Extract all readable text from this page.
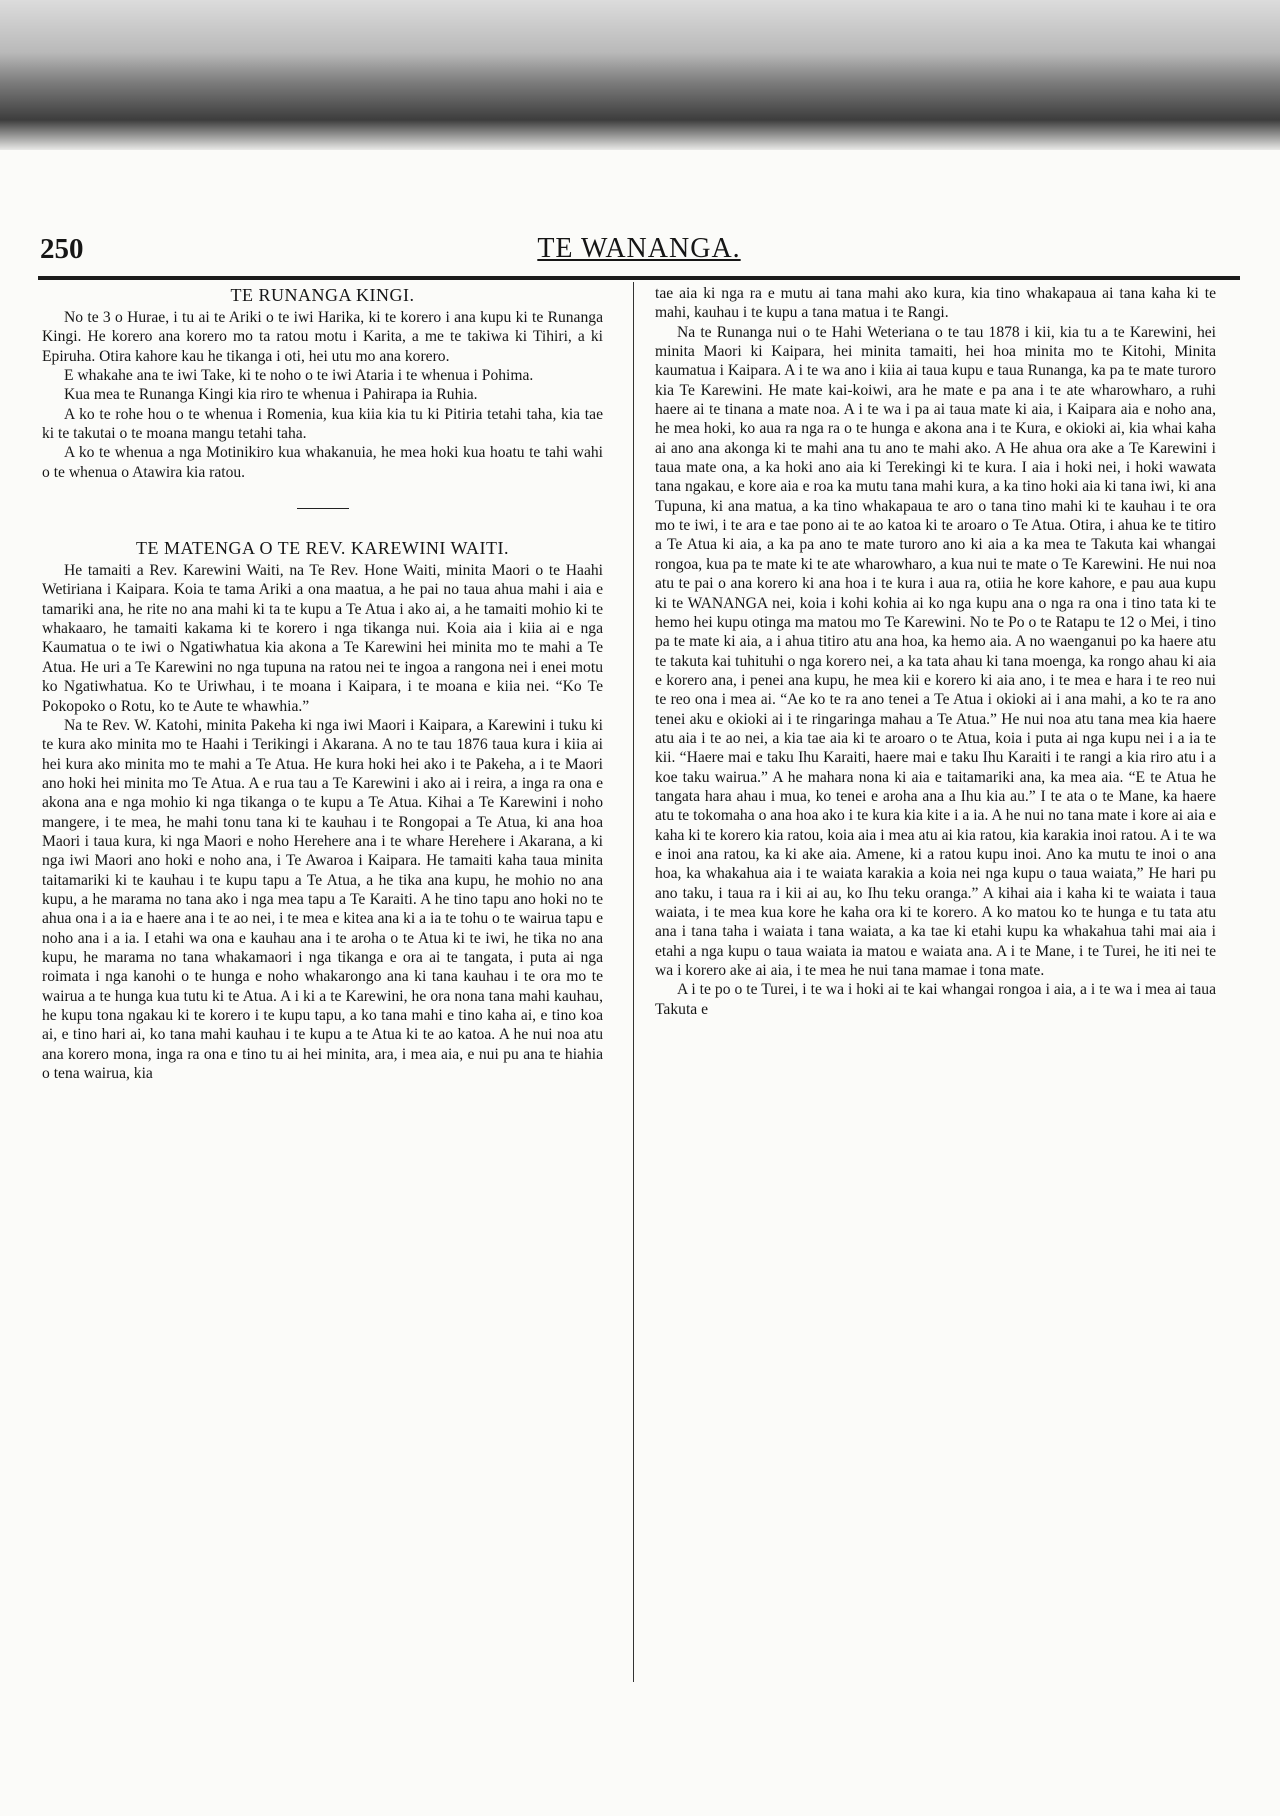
250	TE WANANGA.
TE RUNANGA KINGI.

No te 3 o Hurae, i tu ai te Ariki o te iwi Harika, ki te korero i ana kupu ki te Runanga Kingi. He korero ana korero mo ta ratou motu i Karita, a me te takiwa ki Tihiri, a ki Epiruha. Otira kahore kau he tikanga i oti, hei utu mo ana korero.

E whakahe ana te iwi Take, ki te noho o te iwi Ataria i te whenua i Pohima.

Kua mea te Runanga Kingi kia riro te whenua i Pahirapa ia Ruhia.

A ko te rohe hou o te whenua i Romenia, kua kiia kia tu ki Pitiria tetahi taha, kia tae ki te takutai o te moana mangu tetahi taha.

A ko te whenua a nga Motinikiro kua whakanuia, he mea hoki kua hoatu te tahi wahi o te whenua o Atawira kia ratou.

TE MATENGA O TE REV. KAREWINI WAITI.

He tamaiti a Rev. Karewini Waiti, na Te Rev. Hone Waiti, minita Maori o te Haahi Wetiriana i Kaipara. Koia te tama Ariki a ona maatua, a he pai no taua ahua mahi i aia e tamariki ana, he rite no ana mahi ki ta te kupu a Te Atua i ako ai, a he tamaiti mohio ki te whakaaro, he tamaiti kakama ki te korero i nga tikanga nui. Koia aia i kiia ai e nga Kaumatua o te iwi o Ngatiwhatua kia akona a Te Karewini hei minita mo te mahi a Te Atua. He uri a Te Karewini no nga tupuna na ratou nei te ingoa a rangona nei i enei motu ko Ngatiwhatua. Ko te Uriwhau, i te moana i Kaipara, i te moana e kiia nei. “Ko Te Pokopoko o Rotu, ko te Aute te whawhia.”

Na te Rev. W. Katohi, minita Pakeha ki nga iwi Maori i Kaipara, a Karewini i tuku ki te kura ako minita mo te Haahi i Terikingi i Akarana. A no te tau 1876 taua kura i kiia ai hei kura ako minita mo te mahi a Te Atua. He kura hoki hei ako i te Pakeha, a i te Maori ano hoki hei minita mo Te Atua. A e rua tau a Te Karewini i ako ai i reira, a inga ra ona e akona ana e nga mohio ki nga tikanga o te kupu a Te Atua. Kihai a Te Karewini i noho mangere, i te mea, he mahi tonu tana ki te kauhau i te Rongopai a Te Atua, ki ana hoa Maori i taua kura, ki nga Maori e noho Herehere ana i te whare Herehere i Akarana, a ki nga iwi Maori ano hoki e noho ana, i Te Awaroa i Kaipara. He tamaiti kaha taua minita taitamariki ki te kauhau i te kupu tapu a Te Atua, a he tika ana kupu, he mohio no ana kupu, a he marama no tana ako i nga mea tapu a Te Karaiti. A he tino tapu ano hoki no te ahua ona i a ia e haere ana i te ao nei, i te mea e kitea ana ki a ia te tohu o te wairua tapu e noho ana i a ia. I etahi wa ona e kauhau ana i te aroha o te Atua ki te iwi, he tika no ana kupu, he marama no tana whakamaori i nga tikanga e ora ai te tangata, i puta ai nga roimata i nga kanohi o te hunga e noho whakarongo ana ki tana kauhau i te ora mo te wairua a te hunga kua tutu ki te Atua. A i ki a te Karewini, he ora nona tana mahi kauhau, he kupu tona ngakau ki te korero i te kupu tapu, a ko tana mahi e tino kaha ai, e tino koa ai, e tino hari ai, ko tana mahi kauhau i te kupu a te Atua ki te ao katoa. A he nui noa atu ana korero mona, inga ra ona e tino tu ai hei minita, ara, i mea aia, e nui pu ana te hiahia o tena wairua, kia

tae aia ki nga ra e mutu ai tana mahi ako kura, kia tino whakapaua ai tana kaha ki te mahi, kauhau i te kupu a tana matua i te Rangi.

Na te Runanga nui o te Hahi Weteriana o te tau 1878 i kii, kia tu a te Karewini, hei minita Maori ki Kaipara, hei minita tamaiti, hei hoa minita mo te Kitohi, Minita kaumatua i Kaipara. A i te wa ano i kiia ai taua kupu e taua Runanga, ka pa te mate turoro kia Te Karewini. He mate kai-koiwi, ara he mate e pa ana i te ate wharowharo, a ruhi haere ai te tinana a mate noa. A i te wa i pa ai taua mate ki aia, i Kaipara aia e noho ana, he mea hoki, ko aua ra nga ra o te hunga e akona ana i te Kura, e okioki ai, kia whai kaha ai ano ana akonga ki te mahi ana tu ano te mahi ako. A He ahua ora ake a Te Karewini i taua mate ona, a ka hoki ano aia ki Terekingi ki te kura. I aia i hoki nei, i hoki wawata tana ngakau, e kore aia e roa ka mutu tana mahi kura, a ka tino hoki aia ki tana iwi, ki ana Tupuna, ki ana matua, a ka tino whakapaua te aro o tana tino mahi ki te kauhau i te ora mo te iwi, i te ara e tae pono ai te ao katoa ki te aroaro o Te Atua. Otira, i ahua ke te titiro a Te Atua ki aia, a ka pa ano te mate turoro ano ki aia a ka mea te Takuta kai whangai rongoa, kua pa te mate ki te ate wharowharo, a kua nui te mate o Te Karewini. He nui noa atu te pai o ana korero ki ana hoa i te kura i aua ra, otiia he kore kahore, e pau aua kupu ki te WANANGA nei, koia i kohi kohia ai ko nga kupu ana o nga ra ona i tino tata ki te hemo hei kupu otinga ma matou mo Te Karewini. No te Po o te Ratapu te 12 o Mei, i tino pa te mate ki aia, a i ahua titiro atu ana hoa, ka hemo aia. A no waenganui po ka haere atu te takuta kai tuhituhi o nga korero nei, a ka tata ahau ki tana moenga, ka rongo ahau ki aia e korero ana, i penei ana kupu, he mea kii e korero ki aia ano, i te mea e hara i te reo nui te reo ona i mea ai. “Ae ko te ra ano tenei a Te Atua i okioki ai i ana mahi, a ko te ra ano tenei aku e okioki ai i te ringaringa mahau a Te Atua.” He nui noa atu tana mea kia haere atu aia i te ao nei, a kia tae aia ki te aroaro o te Atua, koia i puta ai nga kupu nei i a ia te kii. “Haere mai e taku Ihu Karaiti, haere mai e taku Ihu Karaiti i te rangi a kia riro atu i a koe taku wairua.” A he mahara nona ki aia e taitamariki ana, ka mea aia. “E te Atua he tangata hara ahau i mua, ko tenei e aroha ana a Ihu kia au.” I te ata o te Mane, ka haere atu te tokomaha o ana hoa ako i te kura kia kite i a ia. A he nui no tana mate i kore ai aia e kaha ki te korero kia ratou, koia aia i mea atu ai kia ratou, kia karakia inoi ratou. A i te wa e inoi ana ratou, ka ki ake aia. Amene, ki a ratou kupu inoi. Ano ka mutu te inoi o ana hoa, ka whakahua aia i te waiata karakia a koia nei nga kupu o taua waiata,” He hari pu ano taku, i taua ra i kii ai au, ko Ihu teku oranga.” A kihai aia i kaha ki te waiata i taua waiata, i te mea kua kore he kaha ora ki te korero. A ko matou ko te hunga e tu tata atu ana i tana taha i waiata i tana waiata, a ka tae ki etahi kupu ka whakahua tahi mai aia i etahi a nga kupu o taua waiata ia matou e waiata ana. A i te Mane, i te Turei, he iti nei te wa i korero ake ai aia, i te mea he nui tana mamae i tona mate.

A i te po o te Turei, i te wa i hoki ai te kai whangai rongoa i aia, a i te wa i mea ai taua Takuta e
